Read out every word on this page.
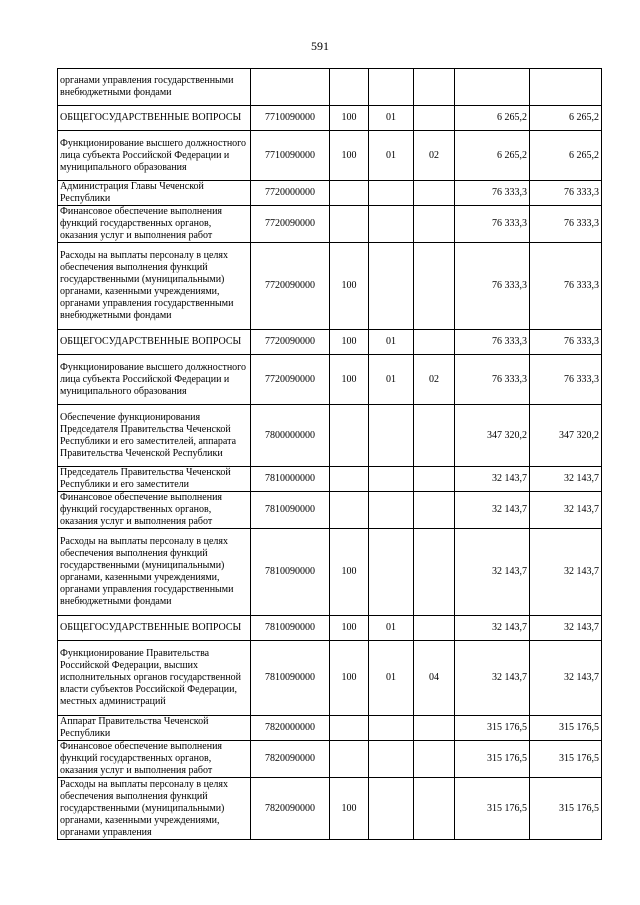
591
органами управления государственными внебюджетными фондами						
ОБЩЕГОСУДАРСТВЕННЫЕ ВОПРОСЫ	7710090000	100	01		6 265,2	6 265,2
Функционирование высшего должностного лица субъекта Российской Федерации и муниципального образования	7710090000	100	01	02	6 265,2	6 265,2
Администрация Главы Чеченской Республики	7720000000				76 333,3	76 333,3
Финансовое обеспечение выполнения функций государственных органов, оказания услуг и выполнения работ	7720090000				76 333,3	76 333,3
Расходы на выплаты персоналу в целях обеспечения выполнения функций государственными (муниципальными) органами, казенными учреждениями, органами управления государственными внебюджетными фондами	7720090000	100			76 333,3	76 333,3
ОБЩЕГОСУДАРСТВЕННЫЕ ВОПРОСЫ	7720090000	100	01		76 333,3	76 333,3
Функционирование высшего должностного лица субъекта Российской Федерации и муниципального образования	7720090000	100	01	02	76 333,3	76 333,3
Обеспечение функционирования Председателя Правительства Чеченской Республики и его заместителей, аппарата Правительства Чеченской Республики	7800000000				347 320,2	347 320,2
Председатель Правительства Чеченской Республики и его заместители	7810000000				32 143,7	32 143,7
Финансовое обеспечение выполнения функций государственных органов, оказания услуг и выполнения работ	7810090000				32 143,7	32 143,7
Расходы на выплаты персоналу в целях обеспечения выполнения функций государственными (муниципальными) органами, казенными учреждениями, органами управления государственными внебюджетными фондами	7810090000	100			32 143,7	32 143,7
ОБЩЕГОСУДАРСТВЕННЫЕ ВОПРОСЫ	7810090000	100	01		32 143,7	32 143,7
Функционирование Правительства Российской Федерации, высших исполнительных органов государственной власти субъектов Российской Федерации, местных администраций	7810090000	100	01	04	32 143,7	32 143,7
Аппарат Правительства Чеченской Республики	7820000000				315 176,5	315 176,5
Финансовое обеспечение выполнения функций государственных органов, оказания услуг и выполнения работ	7820090000				315 176,5	315 176,5
Расходы на выплаты персоналу в целях обеспечения выполнения функций государственными (муниципальными) органами, казенными учреждениями, органами управления	7820090000	100			315 176,5	315 176,5
